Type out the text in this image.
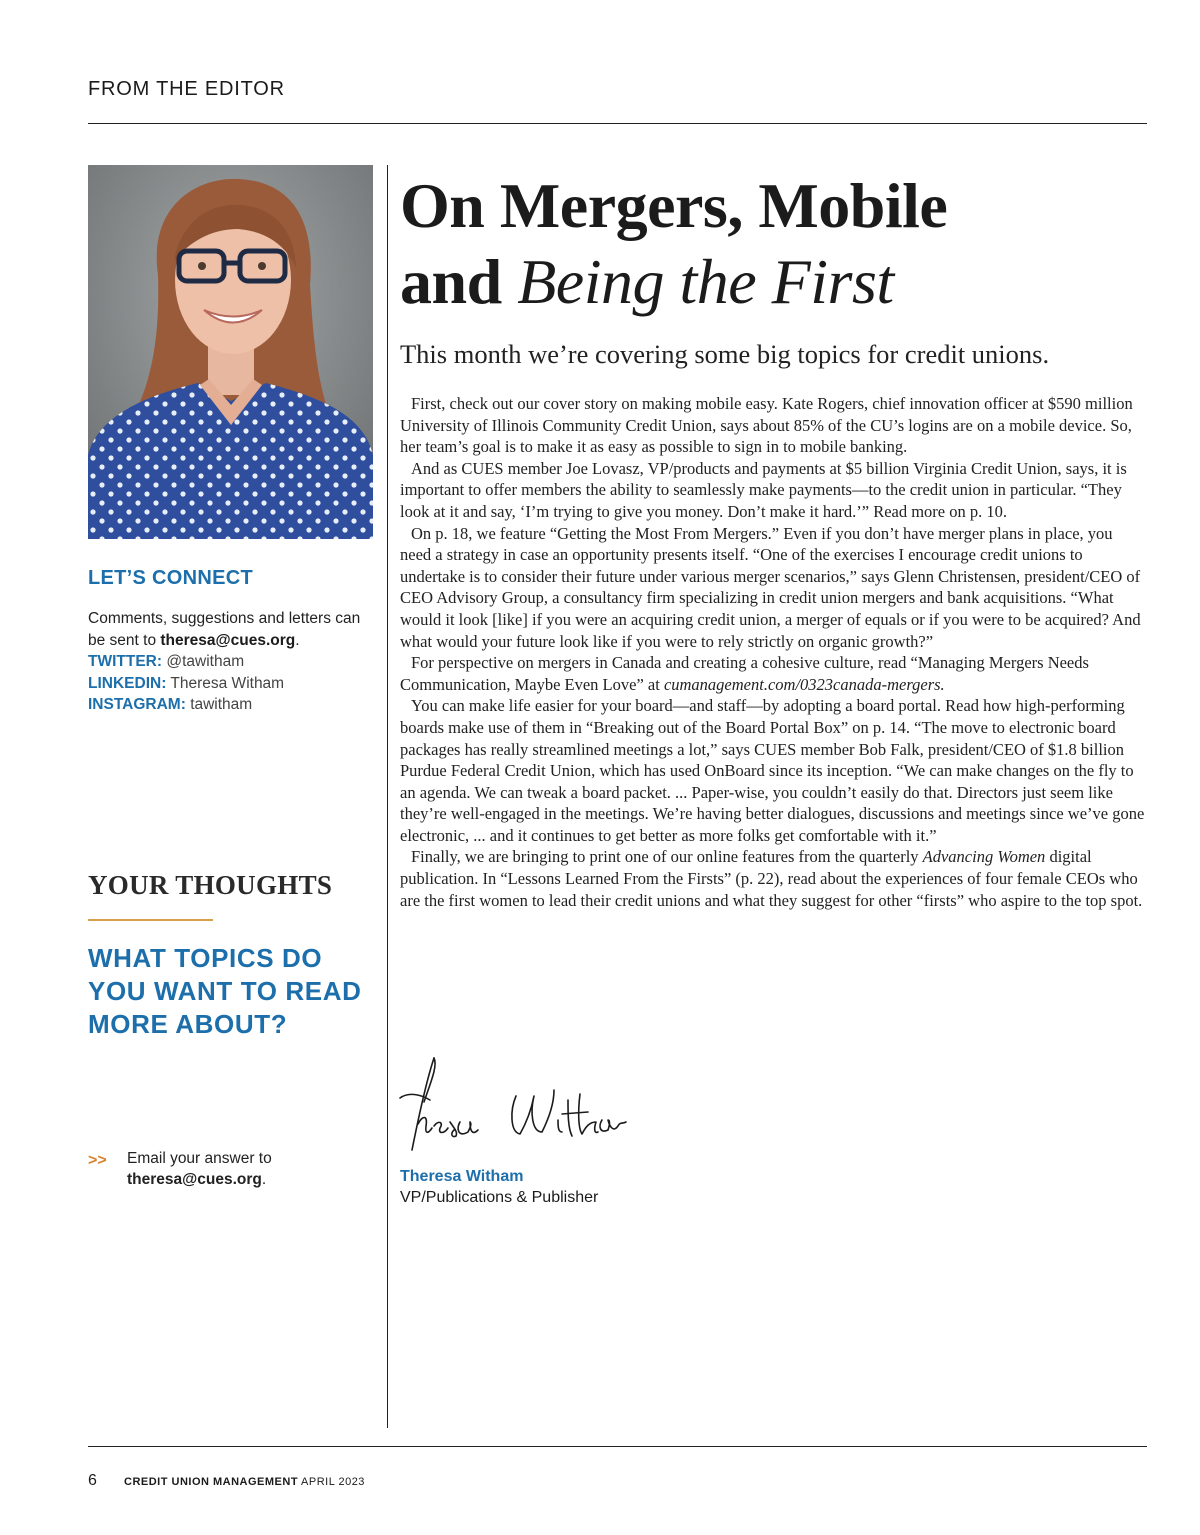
FROM THE EDITOR
LET’S CONNECT
Comments, suggestions and letters can be sent to theresa@cues.org.
TWITTER: @tawitham
LINKEDIN: Theresa Witham
INSTAGRAM: tawitham
YOUR THOUGHTS
WHAT TOPICS DO YOU WANT TO READ MORE ABOUT?
>> Email your answer to
theresa@cues.org.
On Mergers, Mobile
and Being the First
This month we’re covering some big topics for credit unions.

First, check out our cover story on making mobile easy. Kate Rogers, chief innovation officer at $590 million University of Illinois Community Credit Union, says about 85% of the CU’s logins are on a mobile device. So, her team’s goal is to make it as easy as possible to sign in to mobile banking.

And as CUES member Joe Lovasz, VP/products and payments at $5 billion Virginia Credit Union, says, it is important to offer members the ability to seamlessly make payments—to the credit union in particular. “They look at it and say, ‘I’m trying to give you money. Don’t make it hard.’” Read more on p. 10.

On p. 18, we feature “Getting the Most From Mergers.” Even if you don’t have merger plans in place, you need a strategy in case an opportunity presents itself. “One of the exercises I encourage credit unions to undertake is to consider their future under various merger scenarios,” says Glenn Christensen, president/CEO of CEO Advisory Group, a consultancy firm specializing in credit union mergers and bank acquisitions. “What would it look [like] if you were an acquiring credit union, a merger of equals or if you were to be acquired? And what would your future look like if you were to rely strictly on organic growth?”

For perspective on mergers in Canada and creating a cohesive culture, read “Managing Mergers Needs Communication, Maybe Even Love” at cumanagement.com/0323canada-mergers.

You can make life easier for your board—and staff—by adopting a board portal. Read how high-performing boards make use of them in “Breaking out of the Board Portal Box” on p. 14. “The move to electronic board packages has really streamlined meetings a lot,” says CUES member Bob Falk, president/CEO of $1.8 billion Purdue Federal Credit Union, which has used OnBoard since its inception. “We can make changes on the fly to an agenda. We can tweak a board packet. ... Paper-wise, you couldn’t easily do that. Directors just seem like they’re well-engaged in the meetings. We’re having better dialogues, discussions and meetings since we’ve gone electronic, ... and it continues to get better as more folks get comfortable with it.”

Finally, we are bringing to print one of our online features from the quarterly Advancing Women digital publication. In “Lessons Learned From the Firsts” (p. 22), read about the experiences of four female CEOs who are the first women to lead their credit unions and what they suggest for other “firsts” who aspire to the top spot.

Theresa Witham
VP/Publications & Publisher
6 CREDIT UNION MANAGEMENT APRIL 2023
